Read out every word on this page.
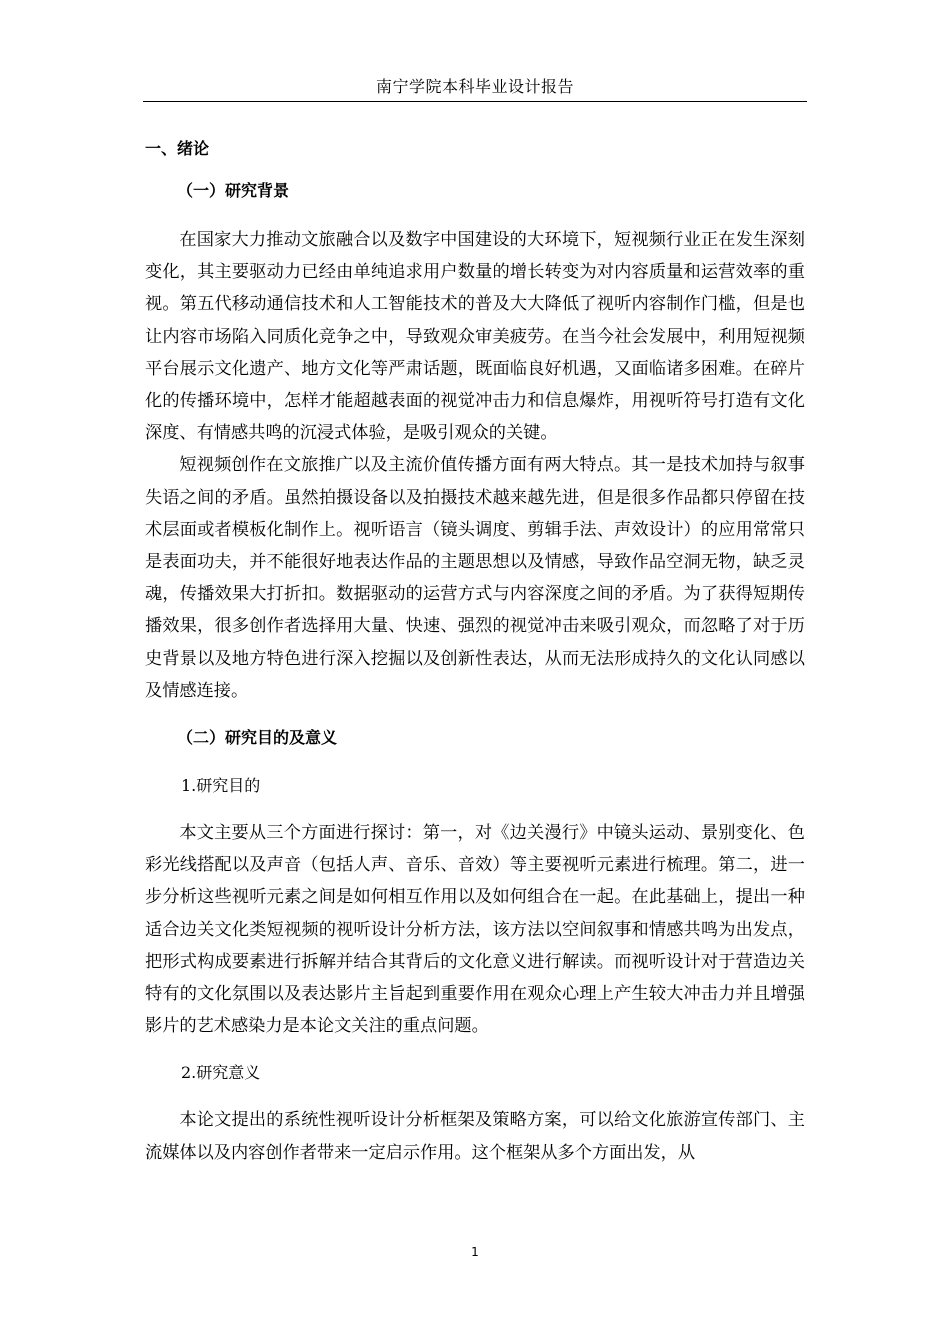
南宁学院本科毕业设计报告
一、绪论
（一）研究背景

在国家大力推动文旅融合以及数字中国建设的大环境下，短视频行业正在发生深刻变化，其主要驱动力已经由单纯追求用户数量的增长转变为对内容质量和运营效率的重视。第五代移动通信技术和人工智能技术的普及大大降低了视听内容制作门槛，但是也让内容市场陷入同质化竞争之中，导致观众审美疲劳。在当今社会发展中，利用短视频平台展示文化遗产、地方文化等严肃话题，既面临良好机遇，又面临诸多困难。在碎片化的传播环境中，怎样才能超越表面的视觉冲击力和信息爆炸，用视听符号打造有文化深度、有情感共鸣的沉浸式体验，是吸引观众的关键。

短视频创作在文旅推广以及主流价值传播方面有两大特点。其一是技术加持与叙事失语之间的矛盾。虽然拍摄设备以及拍摄技术越来越先进，但是很多作品都只停留在技术层面或者模板化制作上。视听语言（镜头调度、剪辑手法、声效设计）的应用常常只是表面功夫，并不能很好地表达作品的主题思想以及情感，导致作品空洞无物，缺乏灵魂，传播效果大打折扣。数据驱动的运营方式与内容深度之间的矛盾。为了获得短期传播效果，很多创作者选择用大量、快速、强烈的视觉冲击来吸引观众，而忽略了对于历史背景以及地方特色进行深入挖掘以及创新性表达，从而无法形成持久的文化认同感以及情感连接。

（二）研究目的及意义
1.研究目的

本文主要从三个方面进行探讨：第一，对《边关漫行》中镜头运动、景别变化、色彩光线搭配以及声音（包括人声、音乐、音效）等主要视听元素进行梳理。第二，进一步分析这些视听元素之间是如何相互作用以及如何组合在一起。在此基础上，提出一种适合边关文化类短视频的视听设计分析方法，该方法以空间叙事和情感共鸣为出发点，把形式构成要素进行拆解并结合其背后的文化意义进行解读。而视听设计对于营造边关特有的文化氛围以及表达影片主旨起到重要作用在观众心理上产生较大冲击力并且增强影片的艺术感染力是本论文关注的重点问题。

2.研究意义

本论文提出的系统性视听设计分析框架及策略方案，可以给文化旅游宣传部门、主流媒体以及内容创作者带来一定启示作用。这个框架从多个方面出发，从

1
